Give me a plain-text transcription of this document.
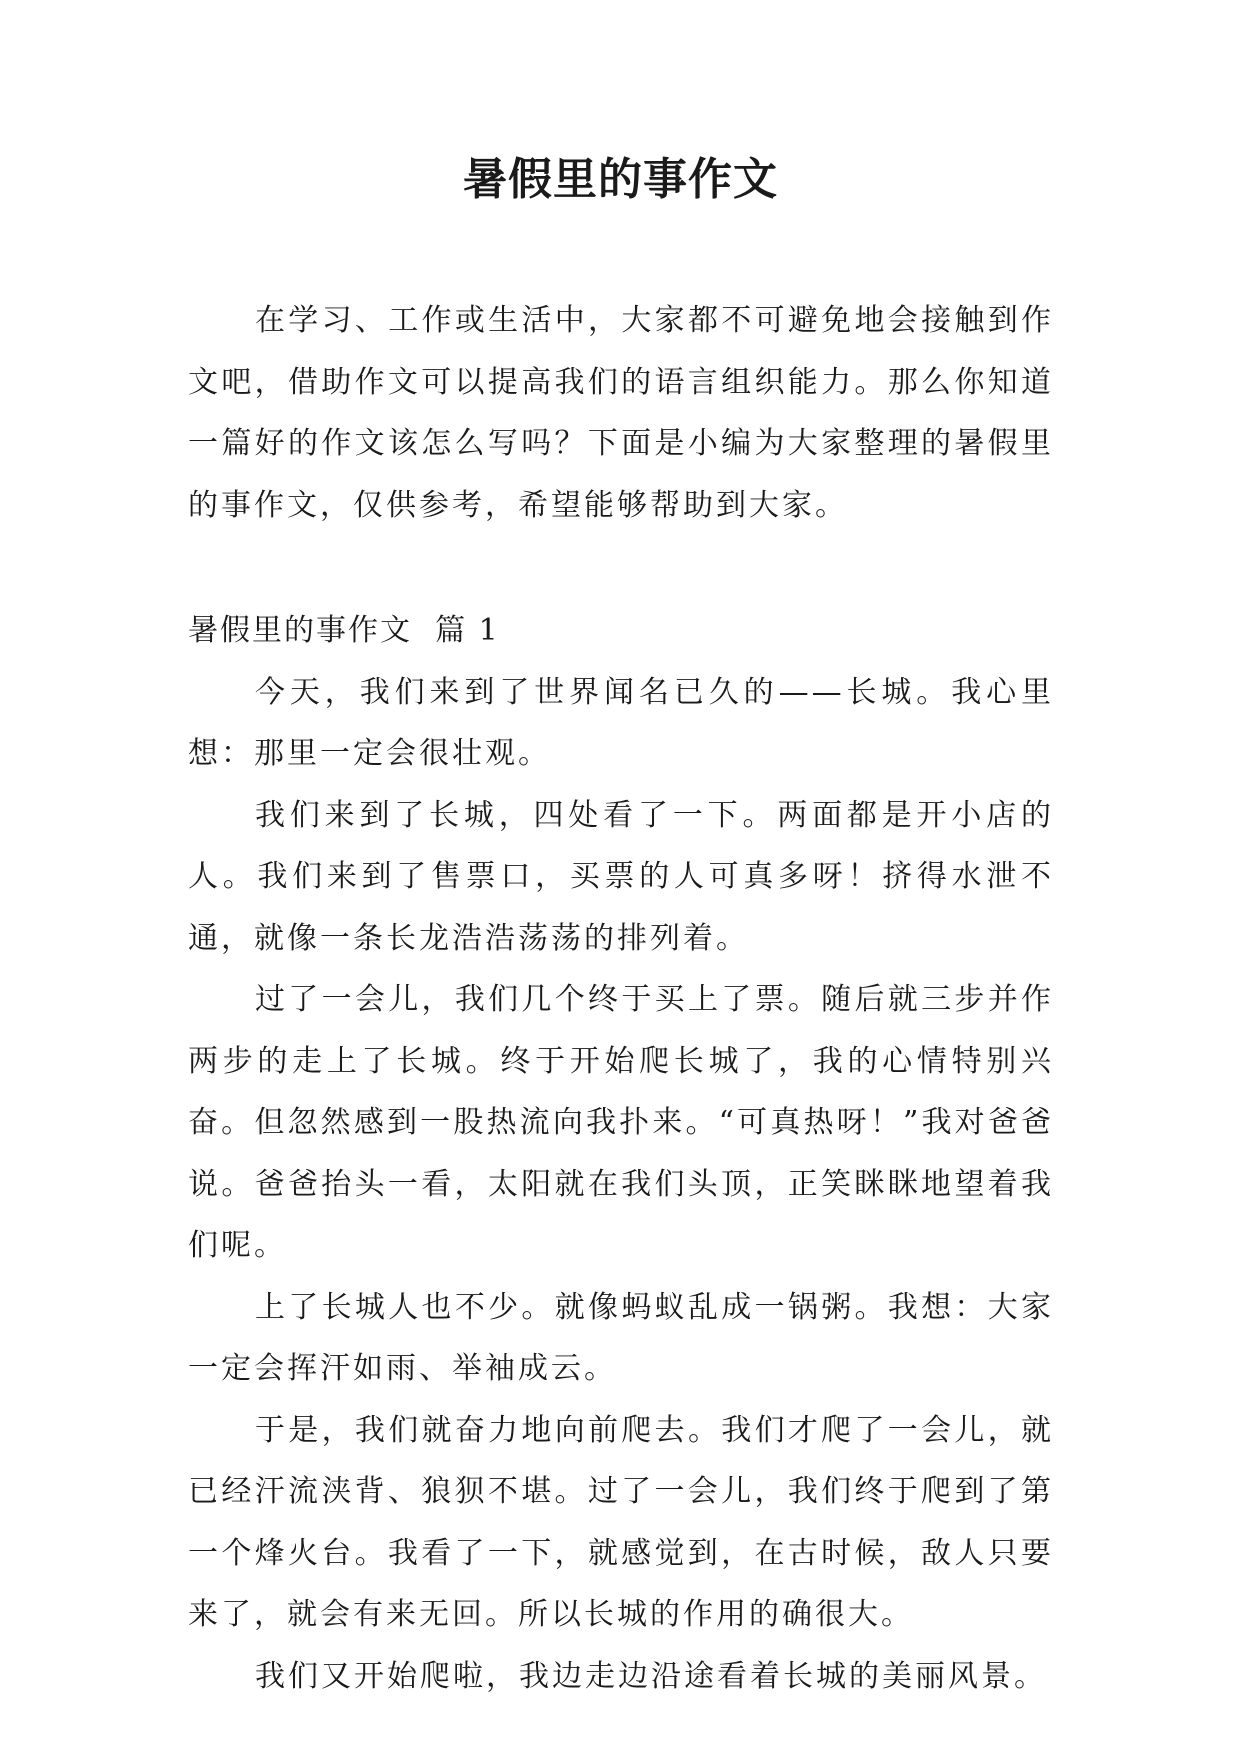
暑假里的事作文

在学习、工作或生活中，大家都不可避免地会接触到作文吧，借助作文可以提高我们的语言组织能力。那么你知道一篇好的作文该怎么写吗？下面是小编为大家整理的暑假里的事作文，仅供参考，希望能够帮助到大家。

暑假里的事作文  篇 1

今天，我们来到了世界闻名已久的——长城。我心里想：那里一定会很壮观。

我们来到了长城，四处看了一下。两面都是开小店的人。我们来到了售票口，买票的人可真多呀！挤得水泄不通，就像一条长龙浩浩荡荡的排列着。

过了一会儿，我们几个终于买上了票。随后就三步并作两步的走上了长城。终于开始爬长城了，我的心情特别兴奋。但忽然感到一股热流向我扑来。“可真热呀！”我对爸爸说。爸爸抬头一看，太阳就在我们头顶，正笑眯眯地望着我们呢。

上了长城人也不少。就像蚂蚁乱成一锅粥。我想：大家一定会挥汗如雨、举袖成云。

于是，我们就奋力地向前爬去。我们才爬了一会儿，就已经汗流浃背、狼狈不堪。过了一会儿，我们终于爬到了第一个烽火台。我看了一下，就感觉到，在古时候，敌人只要来了，就会有来无回。所以长城的作用的确很大。

我们又开始爬啦，我边走边沿途看着长城的美丽风景。
